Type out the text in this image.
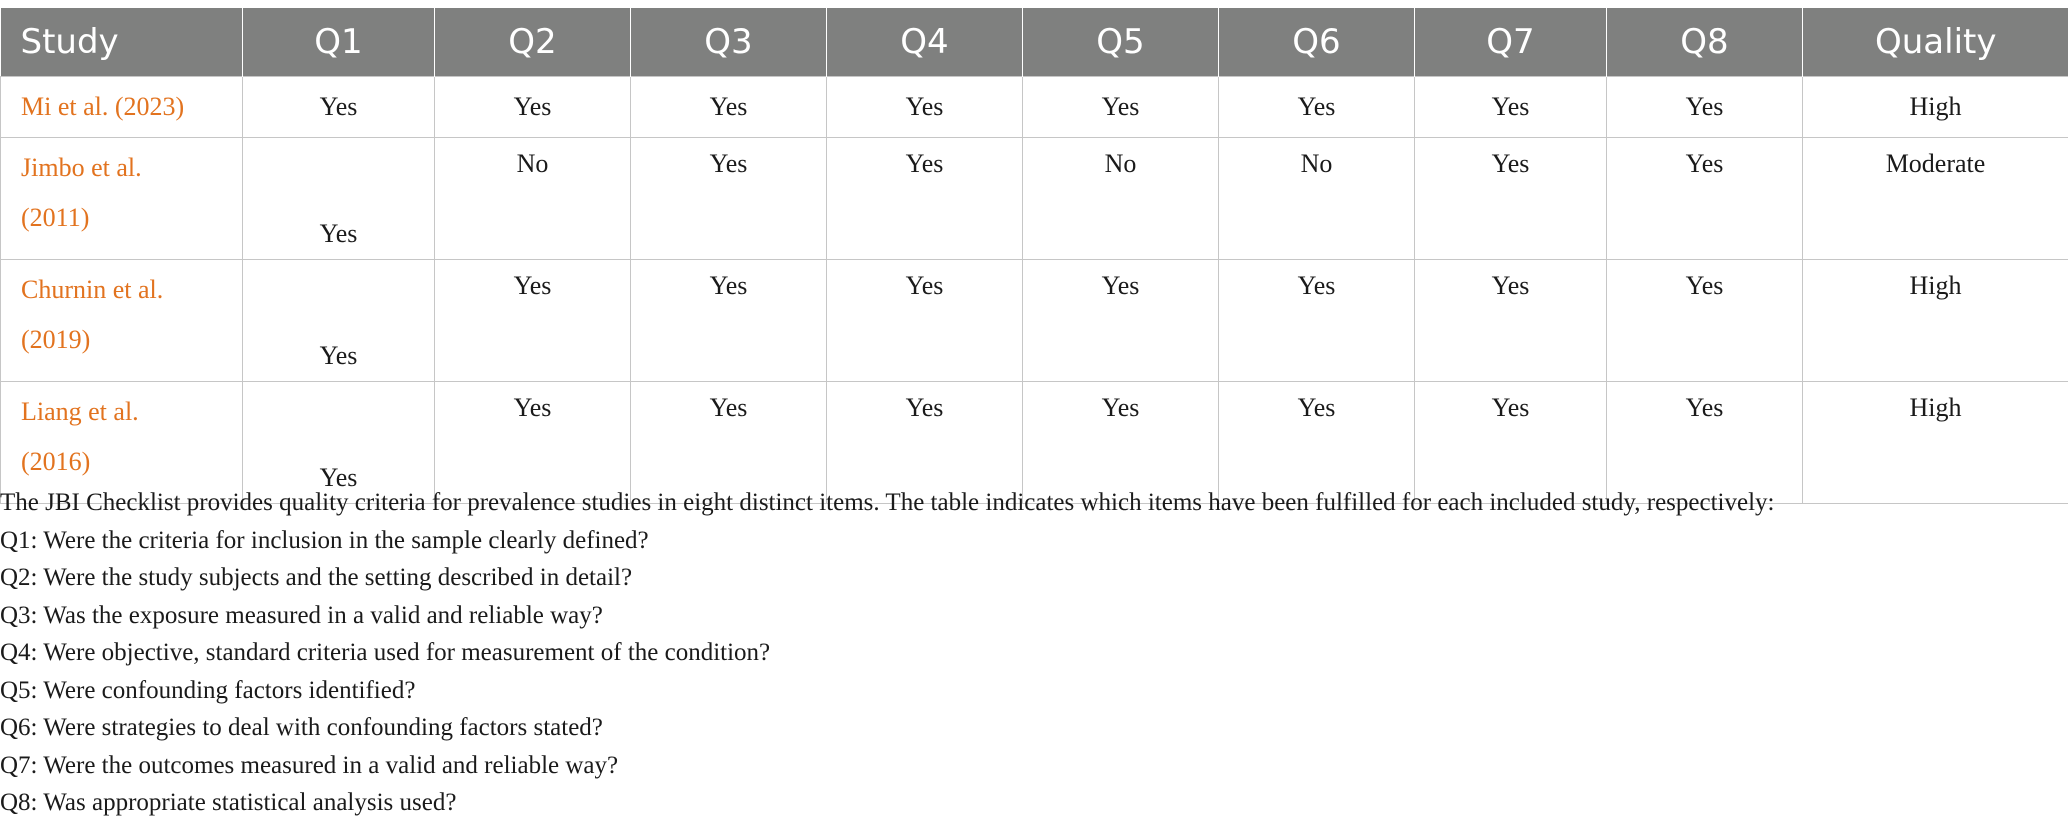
Study	Q1	Q2	Q3	Q4	Q5	Q6	Q7	Q8	Quality
Mi et al. (2023)	Yes	Yes	Yes	Yes	Yes	Yes	Yes	Yes	High

Jimbo et al.
(2011)	Yes	No	Yes	Yes	No	No	Yes	Yes	Moderate

Churnin et al.
(2019)	Yes	Yes	Yes	Yes	Yes	Yes	Yes	Yes	High

Liang et al.
(2016)	Yes	Yes	Yes	Yes	Yes	Yes	Yes	Yes	High
The JBI Checklist provides quality criteria for prevalence studies in eight distinct items. The table indicates which items have been fulfilled for each included study, respectively:
Q1: Were the criteria for inclusion in the sample clearly defined?
Q2: Were the study subjects and the setting described in detail?
Q3: Was the exposure measured in a valid and reliable way?
Q4: Were objective, standard criteria used for measurement of the condition?
Q5: Were confounding factors identified?
Q6: Were strategies to deal with confounding factors stated?
Q7: Were the outcomes measured in a valid and reliable way?
Q8: Was appropriate statistical analysis used?
